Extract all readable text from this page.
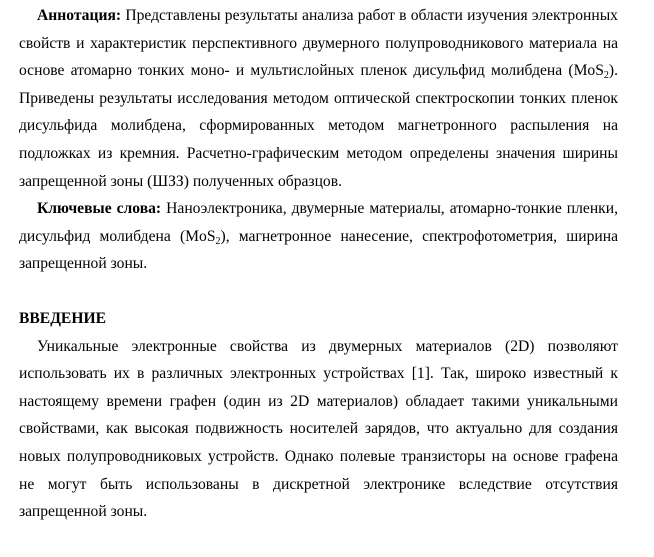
Аннотация: Представлены результаты анализа работ в области изучения электронных свойств и характеристик перспективного двумерного полупроводникового материала на основе атомарно тонких моно- и мультислойных пленок дисульфид молибдена (MoS$_2$). Приведены результаты исследования методом оптической спектроскопии тонких пленок дисульфида молибдена, сформированных методом магнетронного распыления на подложках из кремния. Расчетно-графическим методом определены значения ширины запрещенной зоны (ШЗЗ) полученных образцов.

Ключевые слова: Наноэлектроника, двумерные материалы, атомарно-тонкие пленки, дисульфид молибдена (MoS$_2$), магнетронное нанесение, спектрофотометрия, ширина запрещенной зоны.

ВВЕДЕНИЕ

Уникальные электронные свойства из двумерных материалов (2D) позволяют использовать их в различных электронных устройствах [1]. Так, широко известный к настоящему времени графен (один из 2D материалов) обладает такими уникальными свойствами, как высокая подвижность носителей зарядов, что актуально для создания новых полупроводниковых устройств. Однако полевые транзисторы на основе графена не могут быть использованы в дискретной электронике вследствие отсутствия запрещенной зоны.
